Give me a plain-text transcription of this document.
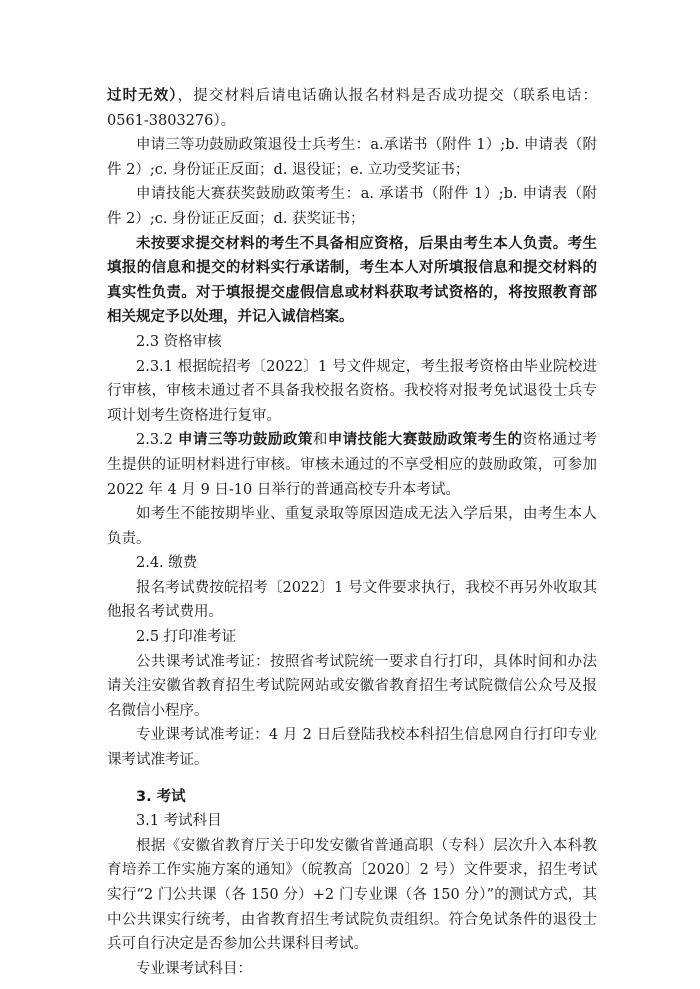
过时无效），提交材料后请电话确认报名材料是否成功提交（联系电话：0561-3803276）。

申请三等功鼓励政策退役士兵考生：a.承诺书（附件 1）;b. 申请表（附件 2）;c. 身份证正反面；d. 退役证；e. 立功受奖证书；

申请技能大赛获奖鼓励政策考生：a. 承诺书（附件 1）;b. 申请表（附件 2）;c. 身份证正反面；d. 获奖证书；

未按要求提交材料的考生不具备相应资格，后果由考生本人负责。考生填报的信息和提交的材料实行承诺制，考生本人对所填报信息和提交材料的真实性负责。对于填报提交虚假信息或材料获取考试资格的，将按照教育部相关规定予以处理，并记入诚信档案。

2.3 资格审核

2.3.1 根据皖招考〔2022〕1 号文件规定，考生报考资格由毕业院校进行审核，审核未通过者不具备我校报名资格。我校将对报考免试退役士兵专项计划考生资格进行复审。

2.3.2 申请三等功鼓励政策和申请技能大赛鼓励政策考生的资格通过考生提供的证明材料进行审核。审核未通过的不享受相应的鼓励政策，可参加 2022 年 4 月 9 日-10 日举行的普通高校专升本考试。

如考生不能按期毕业、重复录取等原因造成无法入学后果，由考生本人负责。

2.4. 缴费

报名考试费按皖招考〔2022〕1 号文件要求执行，我校不再另外收取其他报名考试费用。

2.5 打印准考证

公共课考试准考证：按照省考试院统一要求自行打印，具体时间和办法请关注安徽省教育招生考试院网站或安徽省教育招生考试院微信公众号及报名微信小程序。

专业课考试准考证：4 月 2 日后登陆我校本科招生信息网自行打印专业课考试准考证。

3. 考试

3.1 考试科目

根据《安徽省教育厅关于印发安徽省普通高职（专科）层次升入本科教育培养工作实施方案的通知》（皖教高〔2020〕2 号）文件要求，招生考试实行“2 门公共课（各 150 分）+2 门专业课（各 150 分）”的测试方式，其中公共课实行统考，由省教育招生考试院负责组织。符合免试条件的退役士兵可自行决定是否参加公共课科目考试。

专业课考试科目：
